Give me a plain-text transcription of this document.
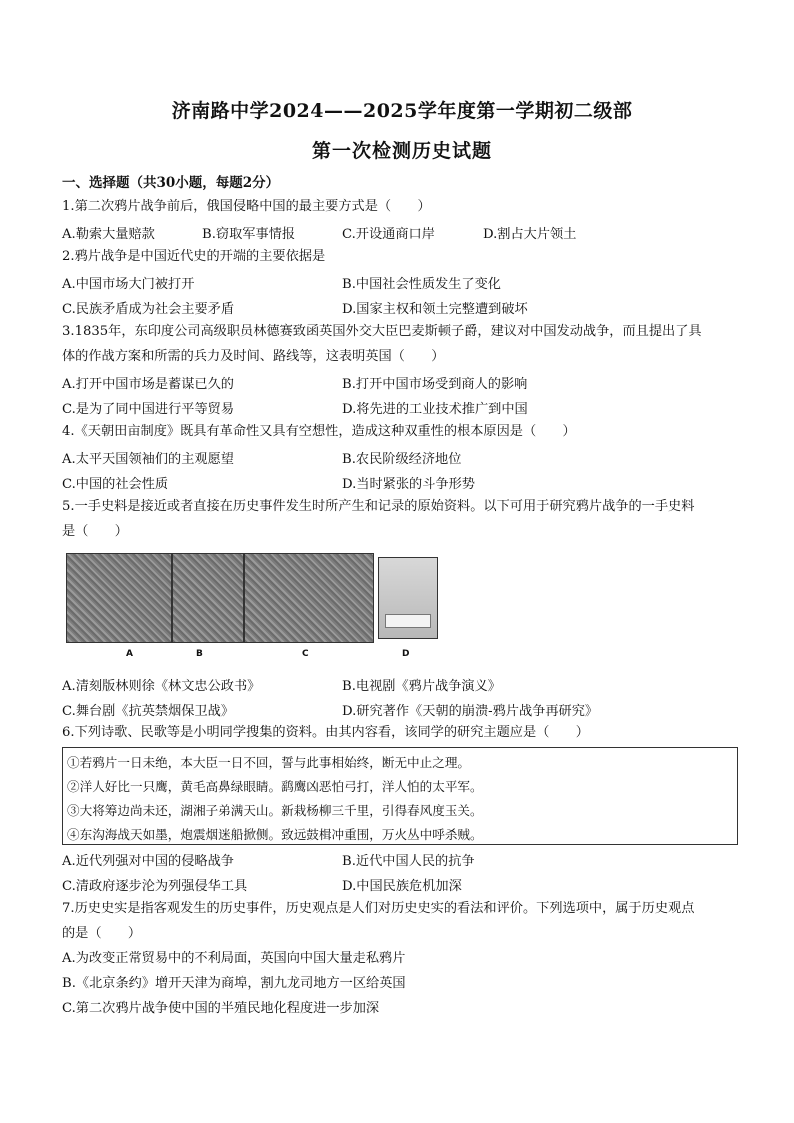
济南路中学2024——2025学年度第一学期初二级部
第一次检测历史试题
一、选择题（共30小题，每题2分）
1.第二次鸦片战争前后，俄国侵略中国的最主要方式是（　　）
A.勒索大量赔款	B.窃取军事情报	C.开设通商口岸	D.割占大片领土
2.鸦片战争是中国近代史的开端的主要依据是
A.中国市场大门被打开	B.中国社会性质发生了变化
C.民族矛盾成为社会主要矛盾	D.国家主权和领土完整遭到破坏
3.1835年，东印度公司高级职员林德赛致函英国外交大臣巴麦斯顿子爵，建议对中国发动战争，而且提出了具
体的作战方案和所需的兵力及时间、路线等，这表明英国（　　）
A.打开中国市场是蓄谋已久的	B.打开中国市场受到商人的影响
C.是为了同中国进行平等贸易	D.将先进的工业技术推广到中国
4.《天朝田亩制度》既具有革命性又具有空想性，造成这种双重性的根本原因是（　　）
A.太平天国领袖们的主观愿望	B.农民阶级经济地位
C.中国的社会性质	D.当时紧张的斗争形势
5.一手史料是接近或者直接在历史事件发生时所产生和记录的原始资料。以下可用于研究鸦片战争的一手史料
是（　　）
A	B	C	D
A.清刻版林则徐《林文忠公政书》	B.电视剧《鸦片战争演义》
C.舞台剧《抗英禁烟保卫战》	D.研究著作《天朝的崩溃-鸦片战争再研究》
6.下列诗歌、民歌等是小明同学搜集的资料。由其内容看，该同学的研究主题应是（　　）
①若鸦片一日未绝，本大臣一日不回，誓与此事相始终，断无中止之理。
②洋人好比一只鹰，黄毛高鼻绿眼睛。鹞鹰凶恶怕弓打，洋人怕的太平军。
③大将筹边尚未还，湖湘子弟满天山。新栽杨柳三千里，引得春风度玉关。
④东沟海战天如墨，炮震烟迷船掀侧。致远鼓楫冲重围，万火丛中呼杀贼。
A.近代列强对中国的侵略战争	B.近代中国人民的抗争
C.清政府逐步沦为列强侵华工具	D.中国民族危机加深
7.历史史实是指客观发生的历史事件，历史观点是人们对历史史实的看法和评价。下列选项中，属于历史观点
的是（　　）
A.为改变正常贸易中的不利局面，英国向中国大量走私鸦片
B.《北京条约》增开天津为商埠，割九龙司地方一区给英国
C.第二次鸦片战争使中国的半殖民地化程度进一步加深
